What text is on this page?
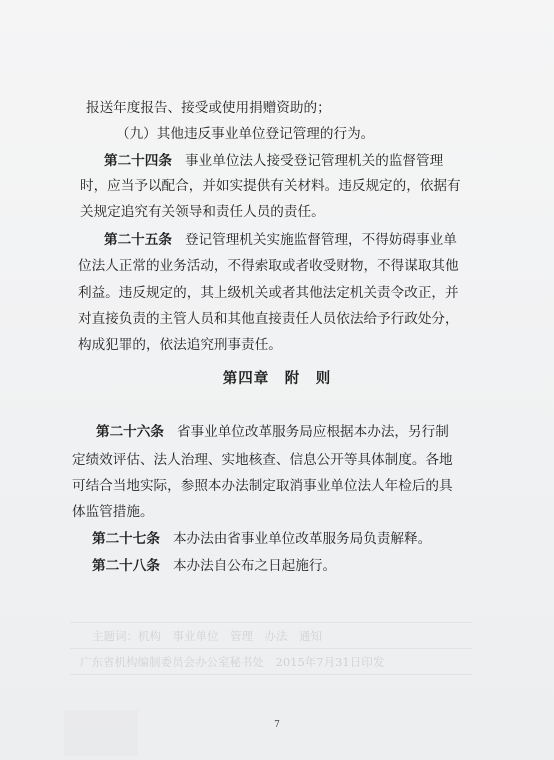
报送年度报告、接受或使用捐赠资助的；
（九）其他违反事业单位登记管理的行为。
第二十四条 事业单位法人接受登记管理机关的监督管理
时，应当予以配合，并如实提供有关材料。违反规定的，依据有
关规定追究有关领导和责任人员的责任。
第二十五条 登记管理机关实施监督管理，不得妨碍事业单
位法人正常的业务活动，不得索取或者收受财物，不得谋取其他
利益。违反规定的，其上级机关或者其他法定机关责令改正，并
对直接负责的主管人员和其他直接责任人员依法给予行政处分，
构成犯罪的，依法追究刑事责任。
第四章　附　则
第二十六条 省事业单位改革服务局应根据本办法，另行制
定绩效评估、法人治理、实地核查、信息公开等具体制度。各地
可结合当地实际，参照本办法制定取消事业单位法人年检后的具
体监管措施。
第二十七条 本办法由省事业单位改革服务局负责解释。
第二十八条 本办法自公布之日起施行。
主题词：机构　事业单位　管理　办法　通知
广东省机构编制委员会办公室秘书处　2015年7月31日印发
7
